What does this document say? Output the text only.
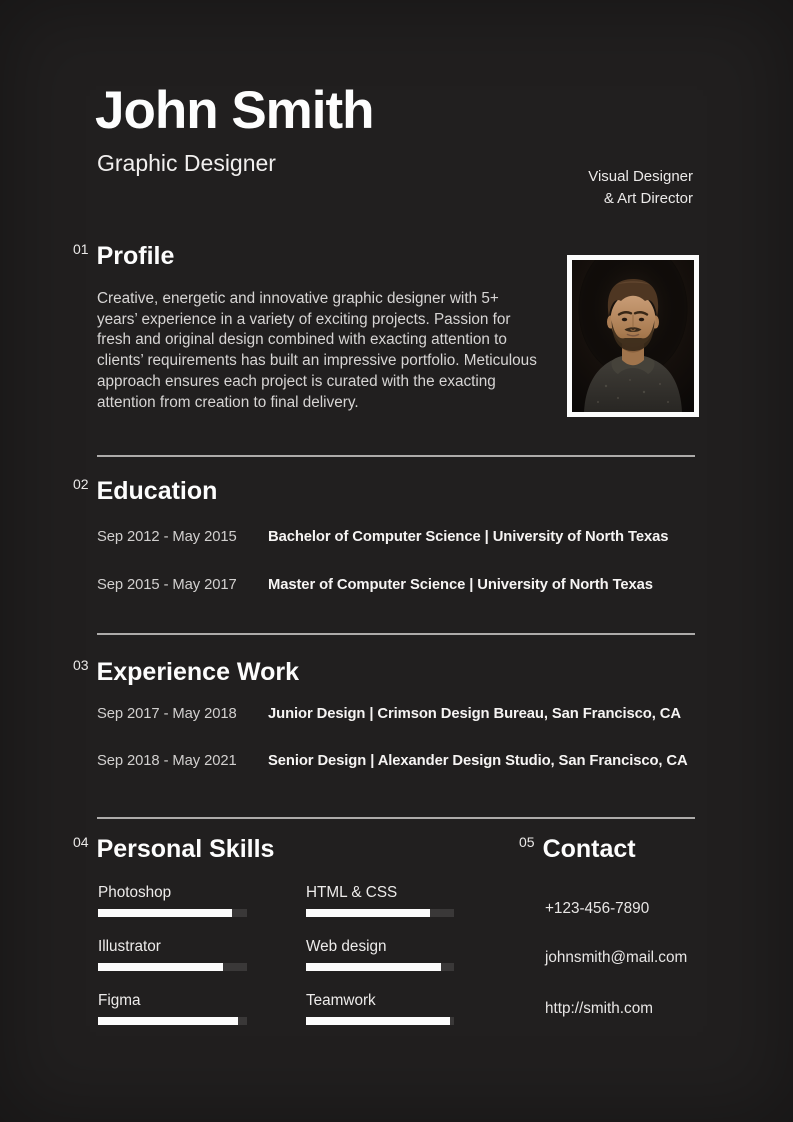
John Smith
Graphic Designer
Visual Designer
& Art Director
01 Profile

Creative, energetic and innovative graphic designer with 5+ years’ experience in a variety of exciting projects. Passion for fresh and original design combined with exacting attention to clients’ requirements has built an impressive portfolio. Meticulous approach ensures each project is curated with the exacting attention from creation to final delivery.

02 Education
Sep 2012 - May 2015	Bachelor of Computer Science | University of North Texas
Sep 2015 - May 2017	Master of Computer Science | University of North Texas
03 Experience Work
Sep 2017 - May 2018	Junior Design | Crimson Design Bureau, San Francisco, CA
Sep 2018 - May 2021	Senior Design | Alexander Design Studio, San Francisco, CA
04 Personal Skills
Photoshop
Illustrator
Figma
HTML & CSS
Web design
Teamwork
05 Contact
+123-456-7890
johnsmith@mail.com
http://smith.com
